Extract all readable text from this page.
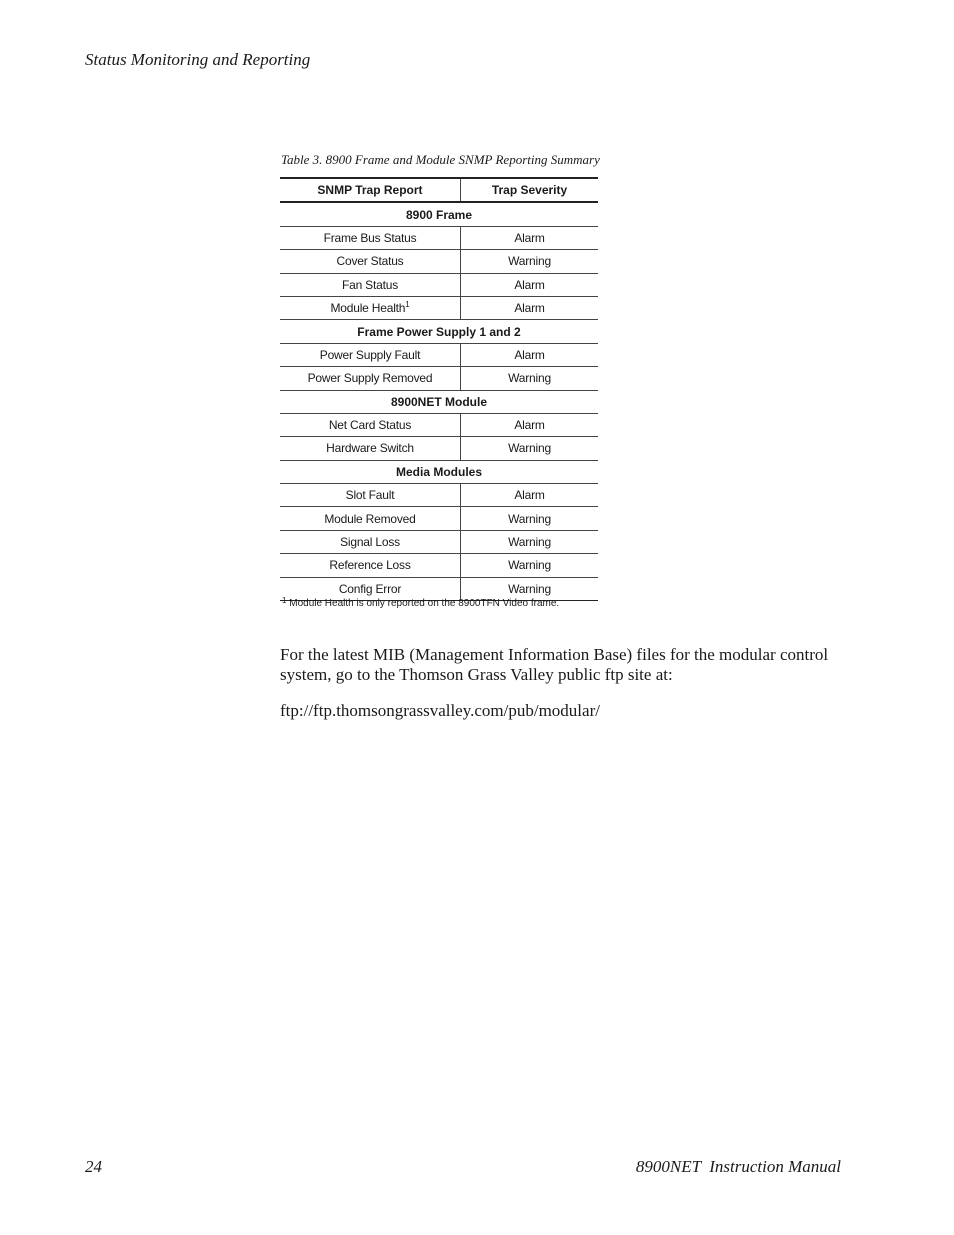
Status Monitoring and Reporting
Table 3. 8900 Frame and Module SNMP Reporting Summary
SNMP Trap Report	Trap Severity
8900 Frame	
Frame Bus Status	Alarm
Cover Status	Warning
Fan Status	Alarm
Module Health$^1$	Alarm
Frame Power Supply 1 and 2	
Power Supply Fault	Alarm
Power Supply Removed	Warning
8900NET Module	
Net Card Status	Alarm
Hardware Switch	Warning
Media Modules	
Slot Fault	Alarm
Module Removed	Warning
Signal Loss	Warning
Reference Loss	Warning
Config Error	Warning
$^1$ Module Health is only reported on the 8900TFN Video frame.

For the latest MIB (Management Information Base) files for the modular control system, go to the Thomson Grass Valley public ftp site at:

ftp://ftp.thomsongrassvalley.com/pub/modular/

24	8900NET  Instruction Manual
